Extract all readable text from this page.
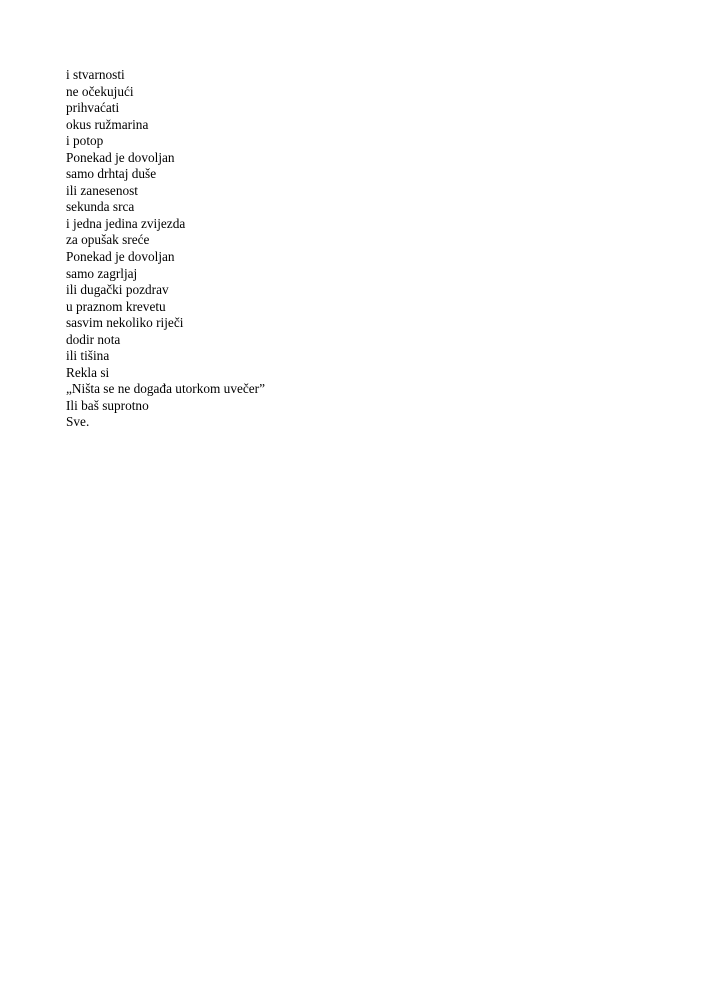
i stvarnosti
ne očekujući
prihvaćati
okus ružmarina
i potop
Ponekad je dovoljan
samo drhtaj duše
ili zanesenost
sekunda srca
i jedna jedina zvijezda
za opušak sreće
Ponekad je dovoljan
samo zagrljaj
ili dugački pozdrav
u praznom krevetu
sasvim nekoliko riječi
dodir nota
ili tišina
Rekla si
„Ništa se ne događa utorkom uvečer”
Ili baš suprotno
Sve.
